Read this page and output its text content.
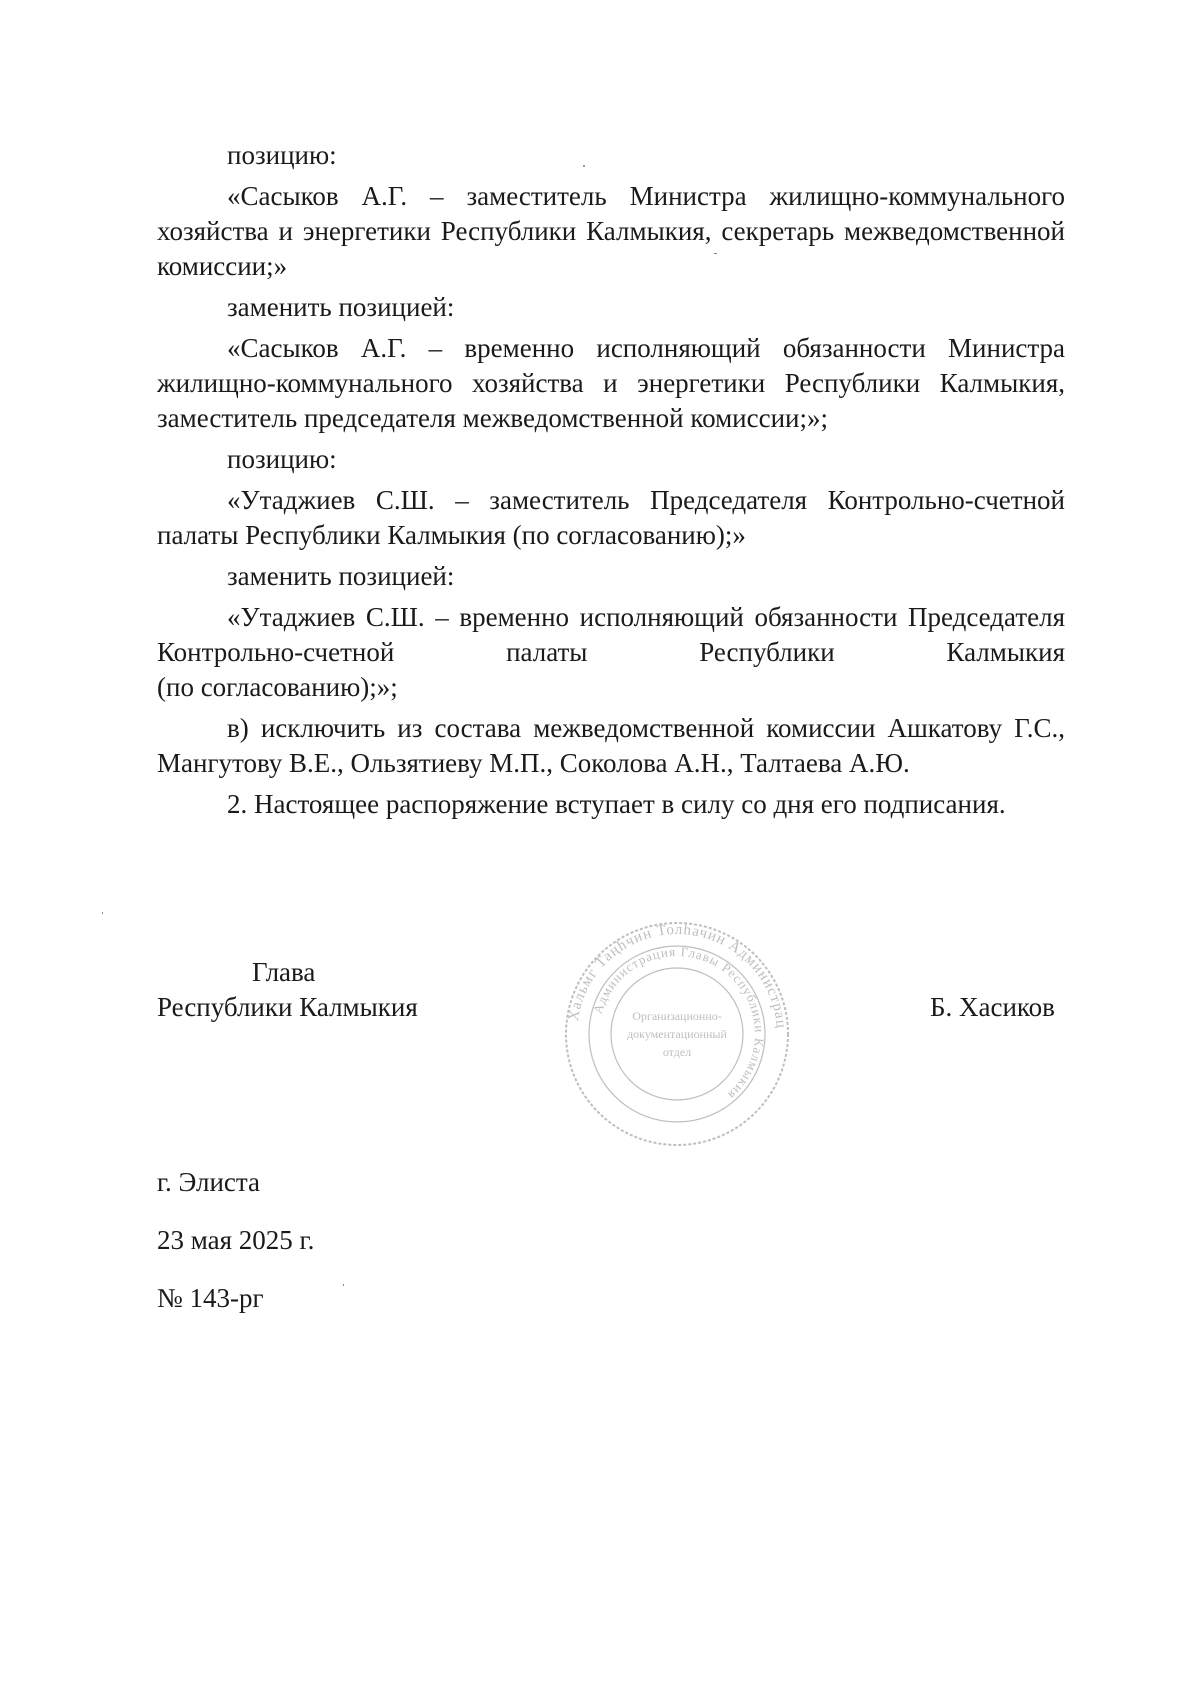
позицию:

«Сасыков А.Г. – заместитель Министра жилищно-коммунального хозяйства и энергетики Республики Калмыкия, секретарь межведомственной комиссии;»

заменить позицией:

«Сасыков А.Г. – временно исполняющий обязанности Министра жилищно-коммунального хозяйства и энергетики Республики Калмыкия, заместитель председателя межведомственной комиссии;»;

позицию:

«Утаджиев С.Ш. – заместитель Председателя Контрольно-счетной палаты Республики Калмыкия (по согласованию);»

заменить позицией:

«Утаджиев С.Ш. – временно исполняющий обязанности Председателя Контрольно-счетной палаты Республики Калмыкия

(по согласованию);»;

в) исключить из состава межведомственной комиссии Ашкатову Г.С., Мангутову В.Е., Ользятиеву М.П., Соколова А.Н., Талтаева А.Ю.

2. Настоящее распоряжение вступает в силу со дня его подписания.

Глава
Республики Калмыкия	Б. Хасиков
Хальмг Таңһчин Толһачин Администрац
Администрация Главы Республики Калмыкия
Организационно-
документационный
отдел
г. Элиста
23 мая 2025 г.
№ 143-рг
